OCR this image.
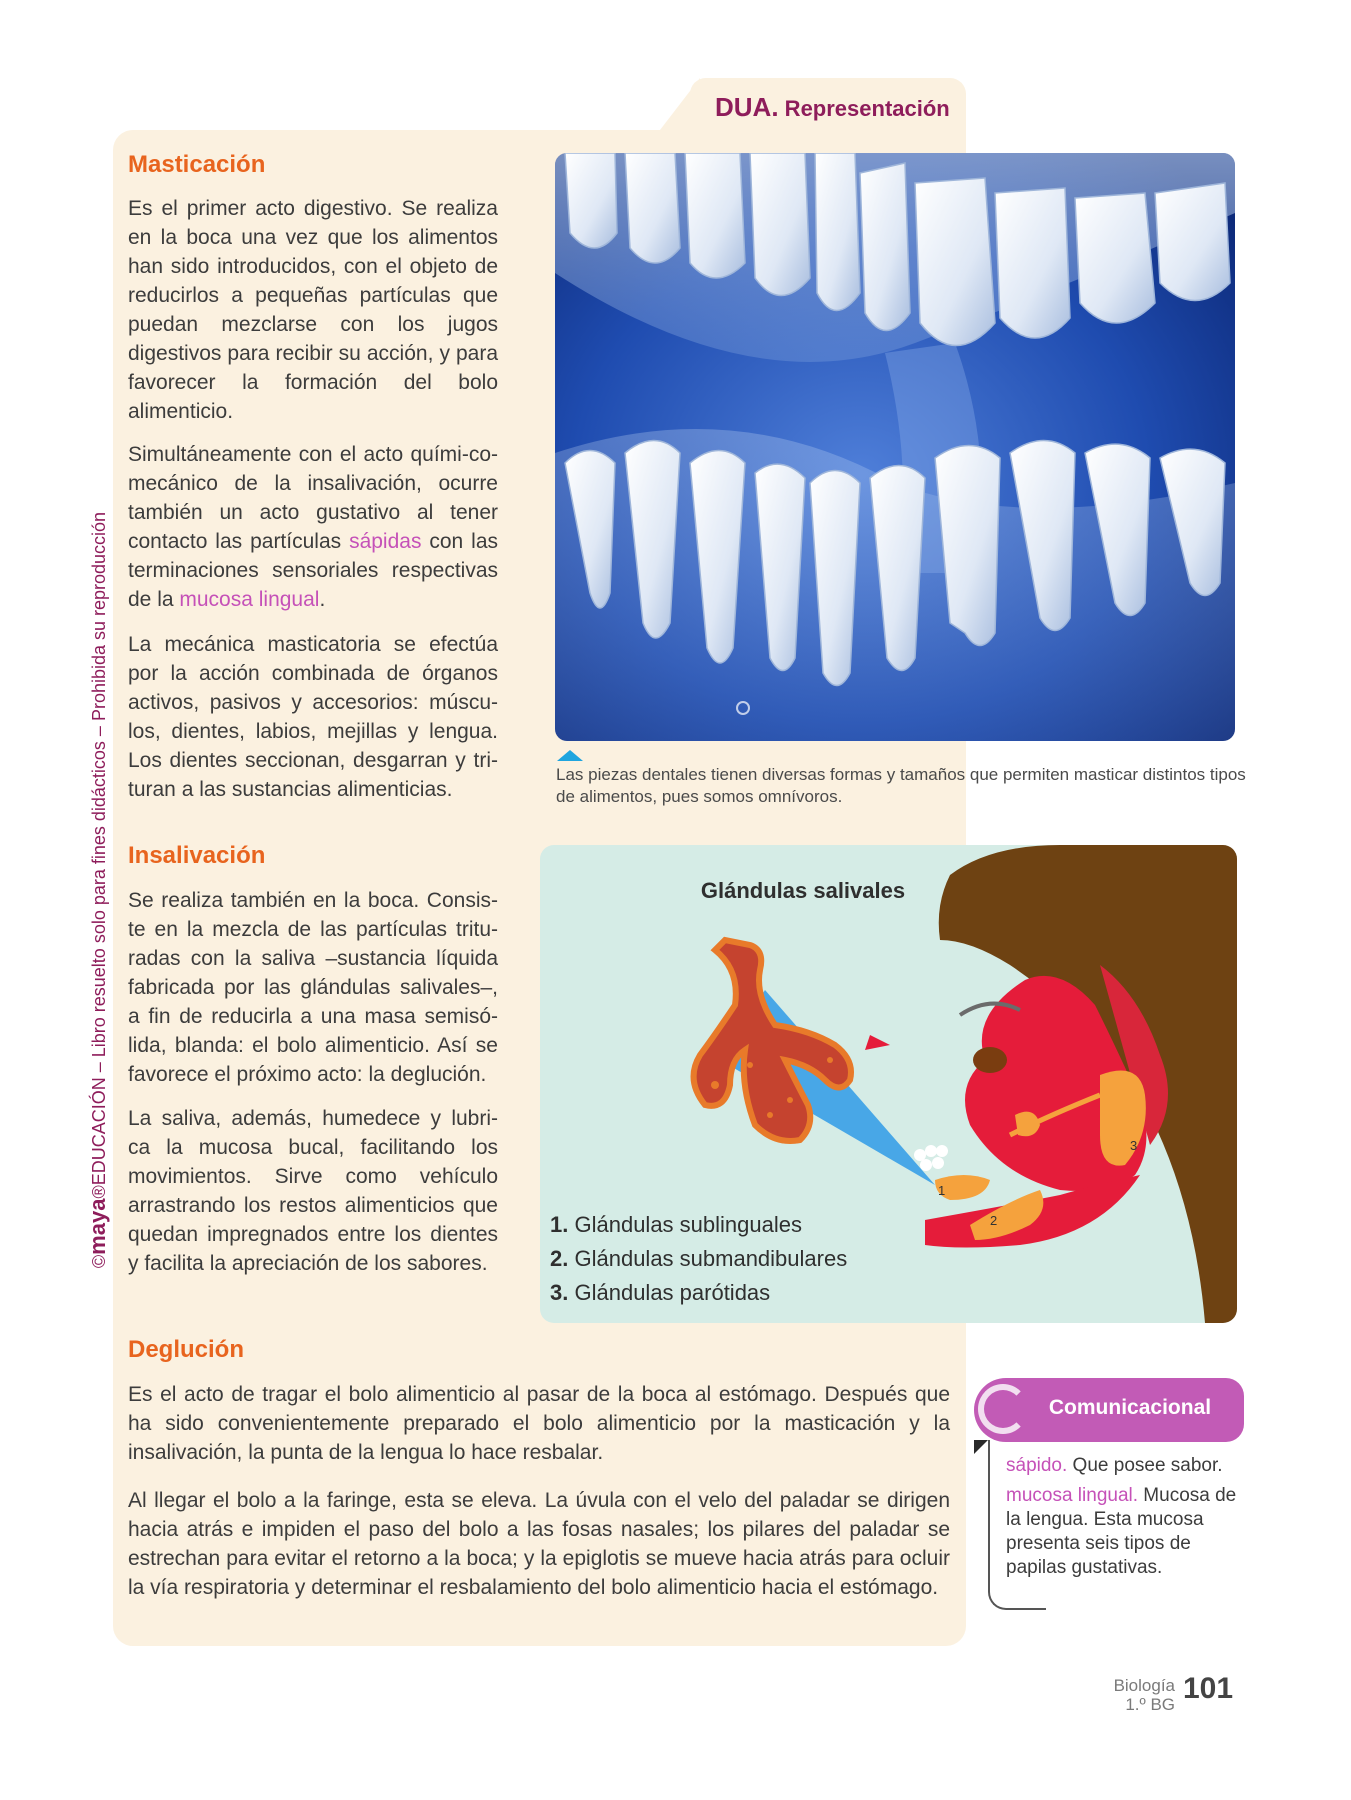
DUA. Representación
©maya®EDUCACIÓN – Libro resuelto solo para fines didácticos – Prohibida su reproducción
Masticación
Es el primer acto digestivo. Se realiza en la boca una vez que los alimentos han sido introducidos, con el objeto de reducirlos a pequeñas partículas que puedan mezclarse con los jugos digestivos para recibir su acción, y para favorecer la formación del bolo alimenticio.
Simultáneamente con el acto quími-co-mecánico de la insalivación, ocurre también un acto gustativo al tener contacto las partículas sápidas con las terminaciones sensoriales respectivas de la mucosa lingual.
La mecánica masticatoria se efectúa por la acción combinada de órganos activos, pasivos y accesorios: múscu-los, dientes, labios, mejillas y lengua. Los dientes seccionan, desgarran y tri-turan a las sustancias alimenticias.
Las piezas dentales tienen diversas formas y tamaños que permiten masticar distintos tipos de alimentos, pues somos omnívoros.
Insalivación
Se realiza también en la boca. Consis-te en la mezcla de las partículas tritu-radas con la saliva –sustancia líquida fabricada por las glándulas salivales–, a fin de reducirla a una masa semisó-lida, blanda: el bolo alimenticio. Así se favorece el próximo acto: la deglución.
La saliva, además, humedece y lubri-ca la mucosa bucal, facilitando los movimientos. Sirve como vehículo arrastrando los restos alimenticios que quedan impregnados entre los dientes y facilita la apreciación de los sabores.
Glándulas salivales
1
2
3
1. Glándulas sublinguales
2. Glándulas submandibulares
3. Glándulas parótidas
Deglución
Es el acto de tragar el bolo alimenticio al pasar de la boca al estómago. Después que ha sido convenientemente preparado el bolo alimenticio por la masticación y la insalivación, la punta de la lengua lo hace resbalar.
Al llegar el bolo a la faringe, esta se eleva. La úvula con el velo del paladar se dirigen hacia atrás e impiden el paso del bolo a las fosas nasales; los pilares del paladar se estrechan para evitar el retorno a la boca; y la epiglotis se mueve hacia atrás para ocluir la vía respiratoria y determinar el resbalamiento del bolo alimenticio hacia el estómago.
Comunicacional
sápido. Que posee sabor.
mucosa lingual. Mucosa de la lengua. Esta mucosa presenta seis tipos de papilas gustativas.
Biología
1.º BG 101
